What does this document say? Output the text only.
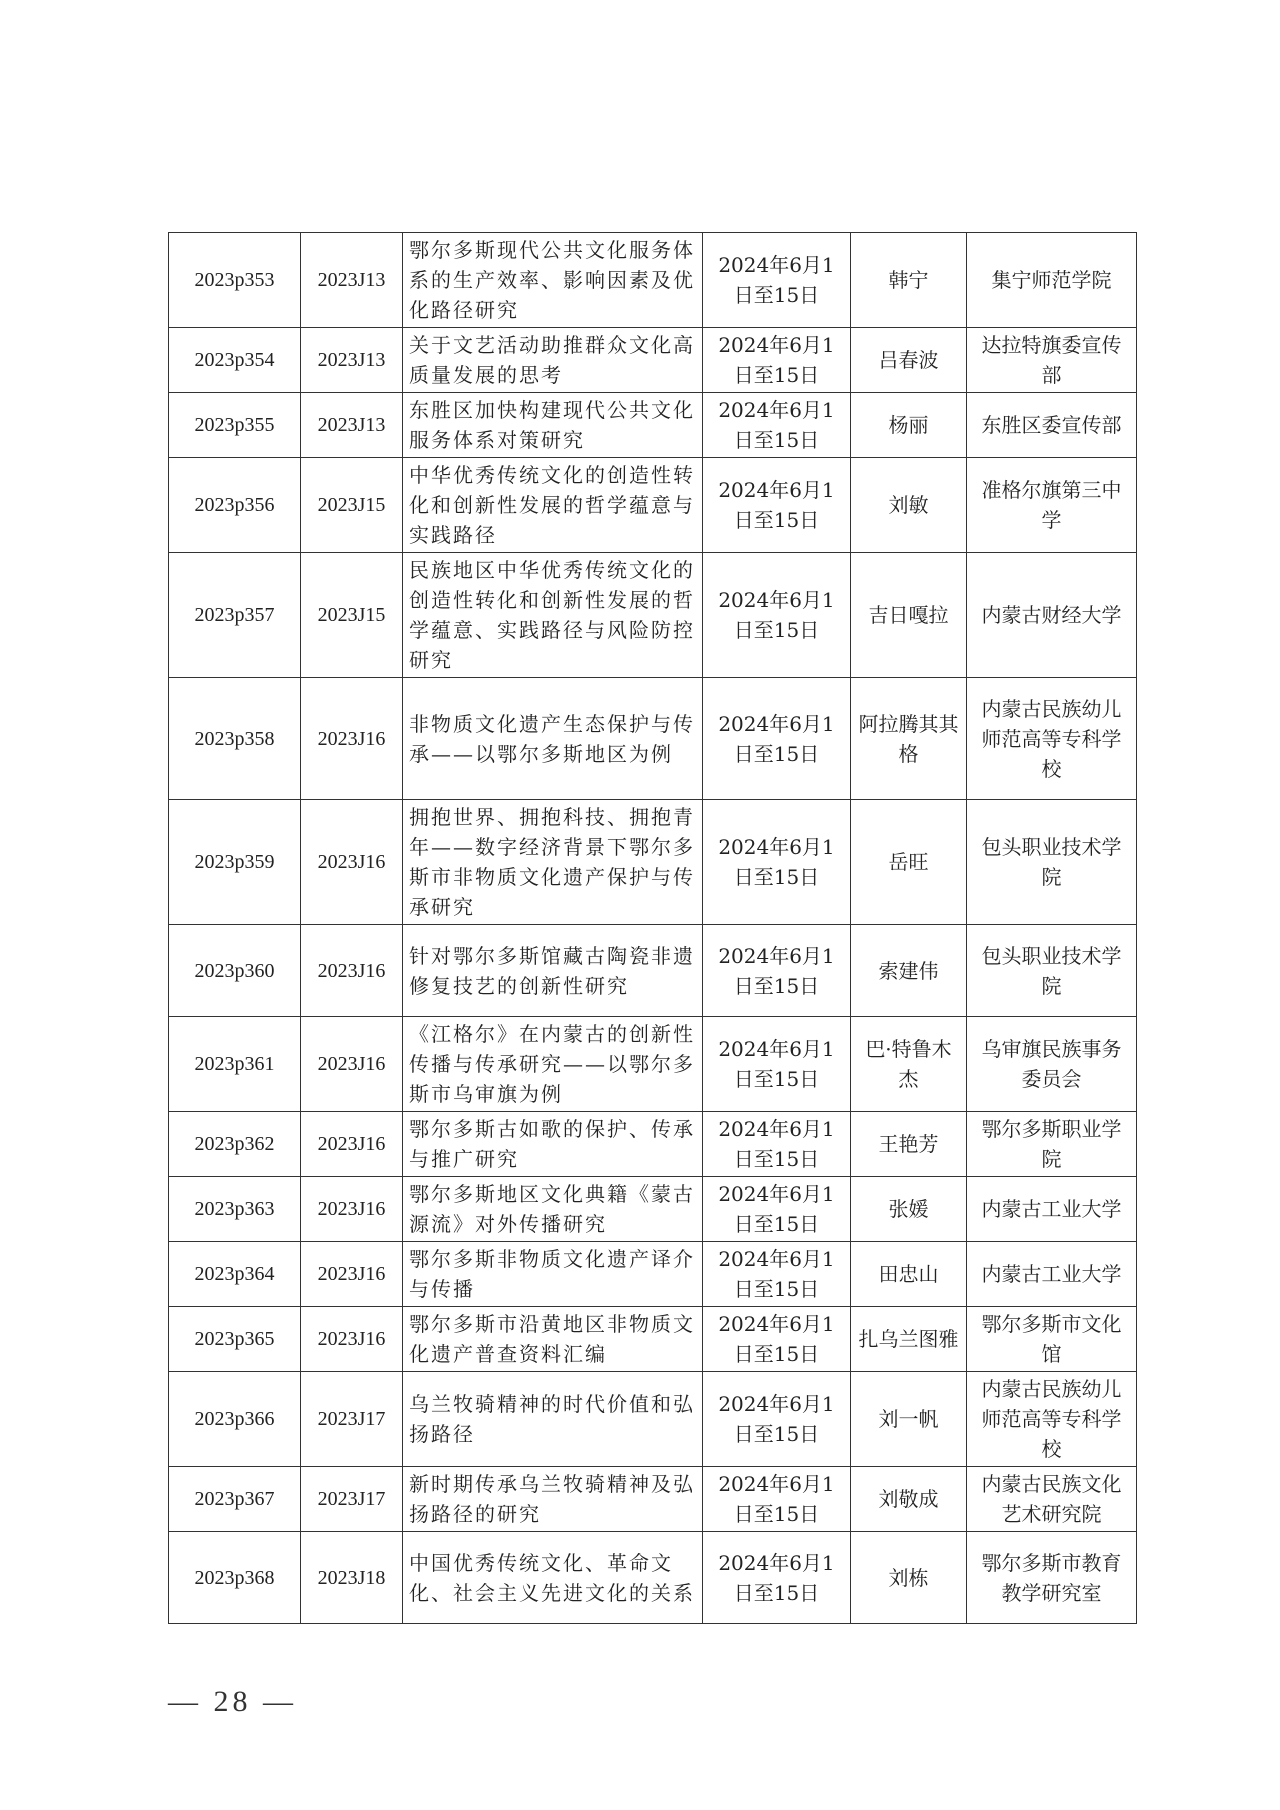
2023p353	2023J13	鄂尔多斯现代公共文化服务体系的生产效率、影响因素及优化路径研究	2024年6月1日至15日	韩宁	集宁师范学院
2023p354	2023J13	关于文艺活动助推群众文化高质量发展的思考	2024年6月1日至15日	吕春波	达拉特旗委宣传部
2023p355	2023J13	东胜区加快构建现代公共文化服务体系对策研究	2024年6月1日至15日	杨丽	东胜区委宣传部
2023p356	2023J15	中华优秀传统文化的创造性转化和创新性发展的哲学蕴意与实践路径	2024年6月1日至15日	刘敏	准格尔旗第三中学
2023p357	2023J15	民族地区中华优秀传统文化的创造性转化和创新性发展的哲学蕴意、实践路径与风险防控研究	2024年6月1日至15日	吉日嘎拉	内蒙古财经大学
2023p358	2023J16	非物质文化遗产生态保护与传承——以鄂尔多斯地区为例	2024年6月1日至15日	阿拉腾其其格	内蒙古民族幼儿师范高等专科学校
2023p359	2023J16	拥抱世界、拥抱科技、拥抱青年——数字经济背景下鄂尔多斯市非物质文化遗产保护与传承研究	2024年6月1日至15日	岳旺	包头职业技术学院
2023p360	2023J16	针对鄂尔多斯馆藏古陶瓷非遗修复技艺的创新性研究	2024年6月1日至15日	索建伟	包头职业技术学院
2023p361	2023J16	《江格尔》在内蒙古的创新性传播与传承研究——以鄂尔多斯市乌审旗为例	2024年6月1日至15日	巴·特鲁木杰	乌审旗民族事务委员会
2023p362	2023J16	鄂尔多斯古如歌的保护、传承与推广研究	2024年6月1日至15日	王艳芳	鄂尔多斯职业学院
2023p363	2023J16	鄂尔多斯地区文化典籍《蒙古源流》对外传播研究	2024年6月1日至15日	张媛	内蒙古工业大学
2023p364	2023J16	鄂尔多斯非物质文化遗产译介与传播	2024年6月1日至15日	田忠山	内蒙古工业大学
2023p365	2023J16	鄂尔多斯市沿黄地区非物质文化遗产普查资料汇编	2024年6月1日至15日	扎乌兰图雅	鄂尔多斯市文化馆
2023p366	2023J17	乌兰牧骑精神的时代价值和弘扬路径	2024年6月1日至15日	刘一帆	内蒙古民族幼儿师范高等专科学校
2023p367	2023J17	新时期传承乌兰牧骑精神及弘扬路径的研究	2024年6月1日至15日	刘敬成	内蒙古民族文化艺术研究院
2023p368	2023J18	中国优秀传统文化、革命文化、社会主义先进文化的关系	2024年6月1日至15日	刘栋	鄂尔多斯市教育教学研究室
— 28 —
